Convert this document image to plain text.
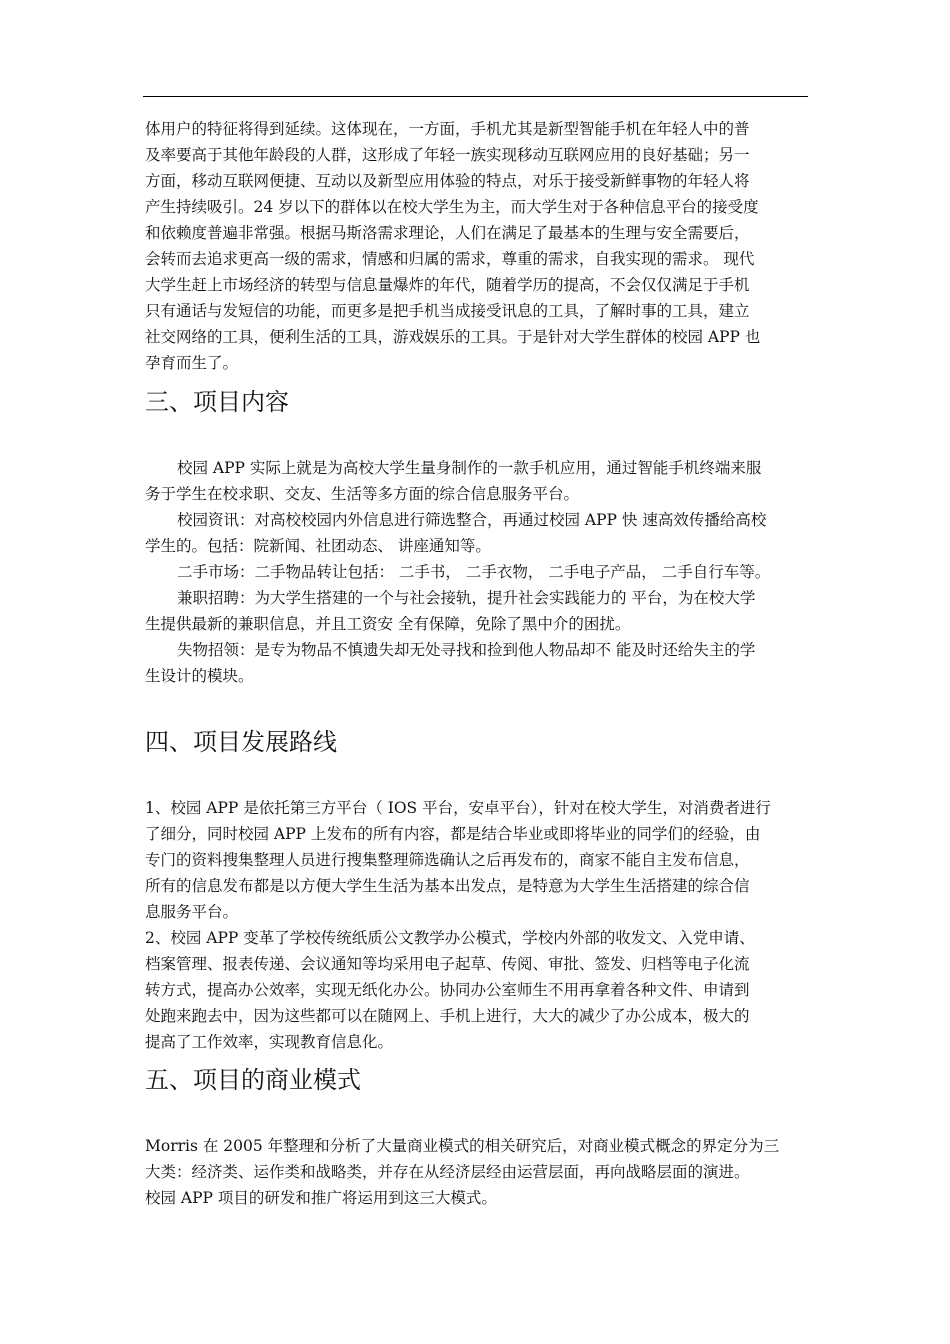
体用户的特征将得到延续。这体现在，一方面，手机尤其是新型智能手机在年轻人中的普
及率要高于其他年龄段的人群，这形成了年轻一族实现移动互联网应用的良好基础；另一
方面，移动互联网便捷、互动以及新型应用体验的特点，对乐于接受新鲜事物的年轻人将
产生持续吸引。24 岁以下的群体以在校大学生为主，而大学生对于各种信息平台的接受度
和依赖度普遍非常强。根据马斯洛需求理论，人们在满足了最基本的生理与安全需要后，
会转而去追求更高一级的需求，情感和归属的需求，尊重的需求，自我实现的需求。 现代
大学生赶上市场经济的转型与信息量爆炸的年代，随着学历的提高，不会仅仅满足于手机
只有通话与发短信的功能，而更多是把手机当成接受讯息的工具，了解时事的工具，建立
社交网络的工具，便利生活的工具，游戏娱乐的工具。于是针对大学生群体的校园 APP 也
孕育而生了。
三、项目内容
校园 APP 实际上就是为高校大学生量身制作的一款手机应用，通过智能手机终端来服
务于学生在校求职、交友、生活等多方面的综合信息服务平台。
校园资讯：对高校校园内外信息进行筛选整合，再通过校园 APP 快 速高效传播给高校
学生的。包括：院新闻、社团动态、 讲座通知等。
二手市场：二手物品转让包括： 二手书， 二手衣物， 二手电子产品， 二手自行车等。
兼职招聘：为大学生搭建的一个与社会接轨，提升社会实践能力的 平台，为在校大学
生提供最新的兼职信息，并且工资安 全有保障，免除了黑中介的困扰。
失物招领：是专为物品不慎遗失却无处寻找和捡到他人物品却不 能及时还给失主的学
生设计的模块。
四、项目发展路线
1、校园 APP 是依托第三方平台（ IOS 平台，安卓平台），针对在校大学生，对消费者进行
了细分，同时校园 APP 上发布的所有内容，都是结合毕业或即将毕业的同学们的经验，由
专门的资料搜集整理人员进行搜集整理筛选确认之后再发布的，商家不能自主发布信息，
所有的信息发布都是以方便大学生生活为基本出发点，是特意为大学生生活搭建的综合信
息服务平台。
2、校园 APP 变革了学校传统纸质公文教学办公模式，学校内外部的收发文、入党申请、
档案管理、报表传递、会议通知等均采用电子起草、传阅、审批、签发、归档等电子化流
转方式，提高办公效率，实现无纸化办公。协同办公室师生不用再拿着各种文件、申请到
处跑来跑去中，因为这些都可以在随网上、手机上进行，大大的减少了办公成本，极大的
提高了工作效率，实现教育信息化。
五、项目的商业模式
Morris 在 2005 年整理和分析了大量商业模式的相关研究后，对商业模式概念的界定分为三
大类：经济类、运作类和战略类，并存在从经济层经由运营层面，再向战略层面的演进。
校园 APP 项目的研发和推广将运用到这三大模式。
